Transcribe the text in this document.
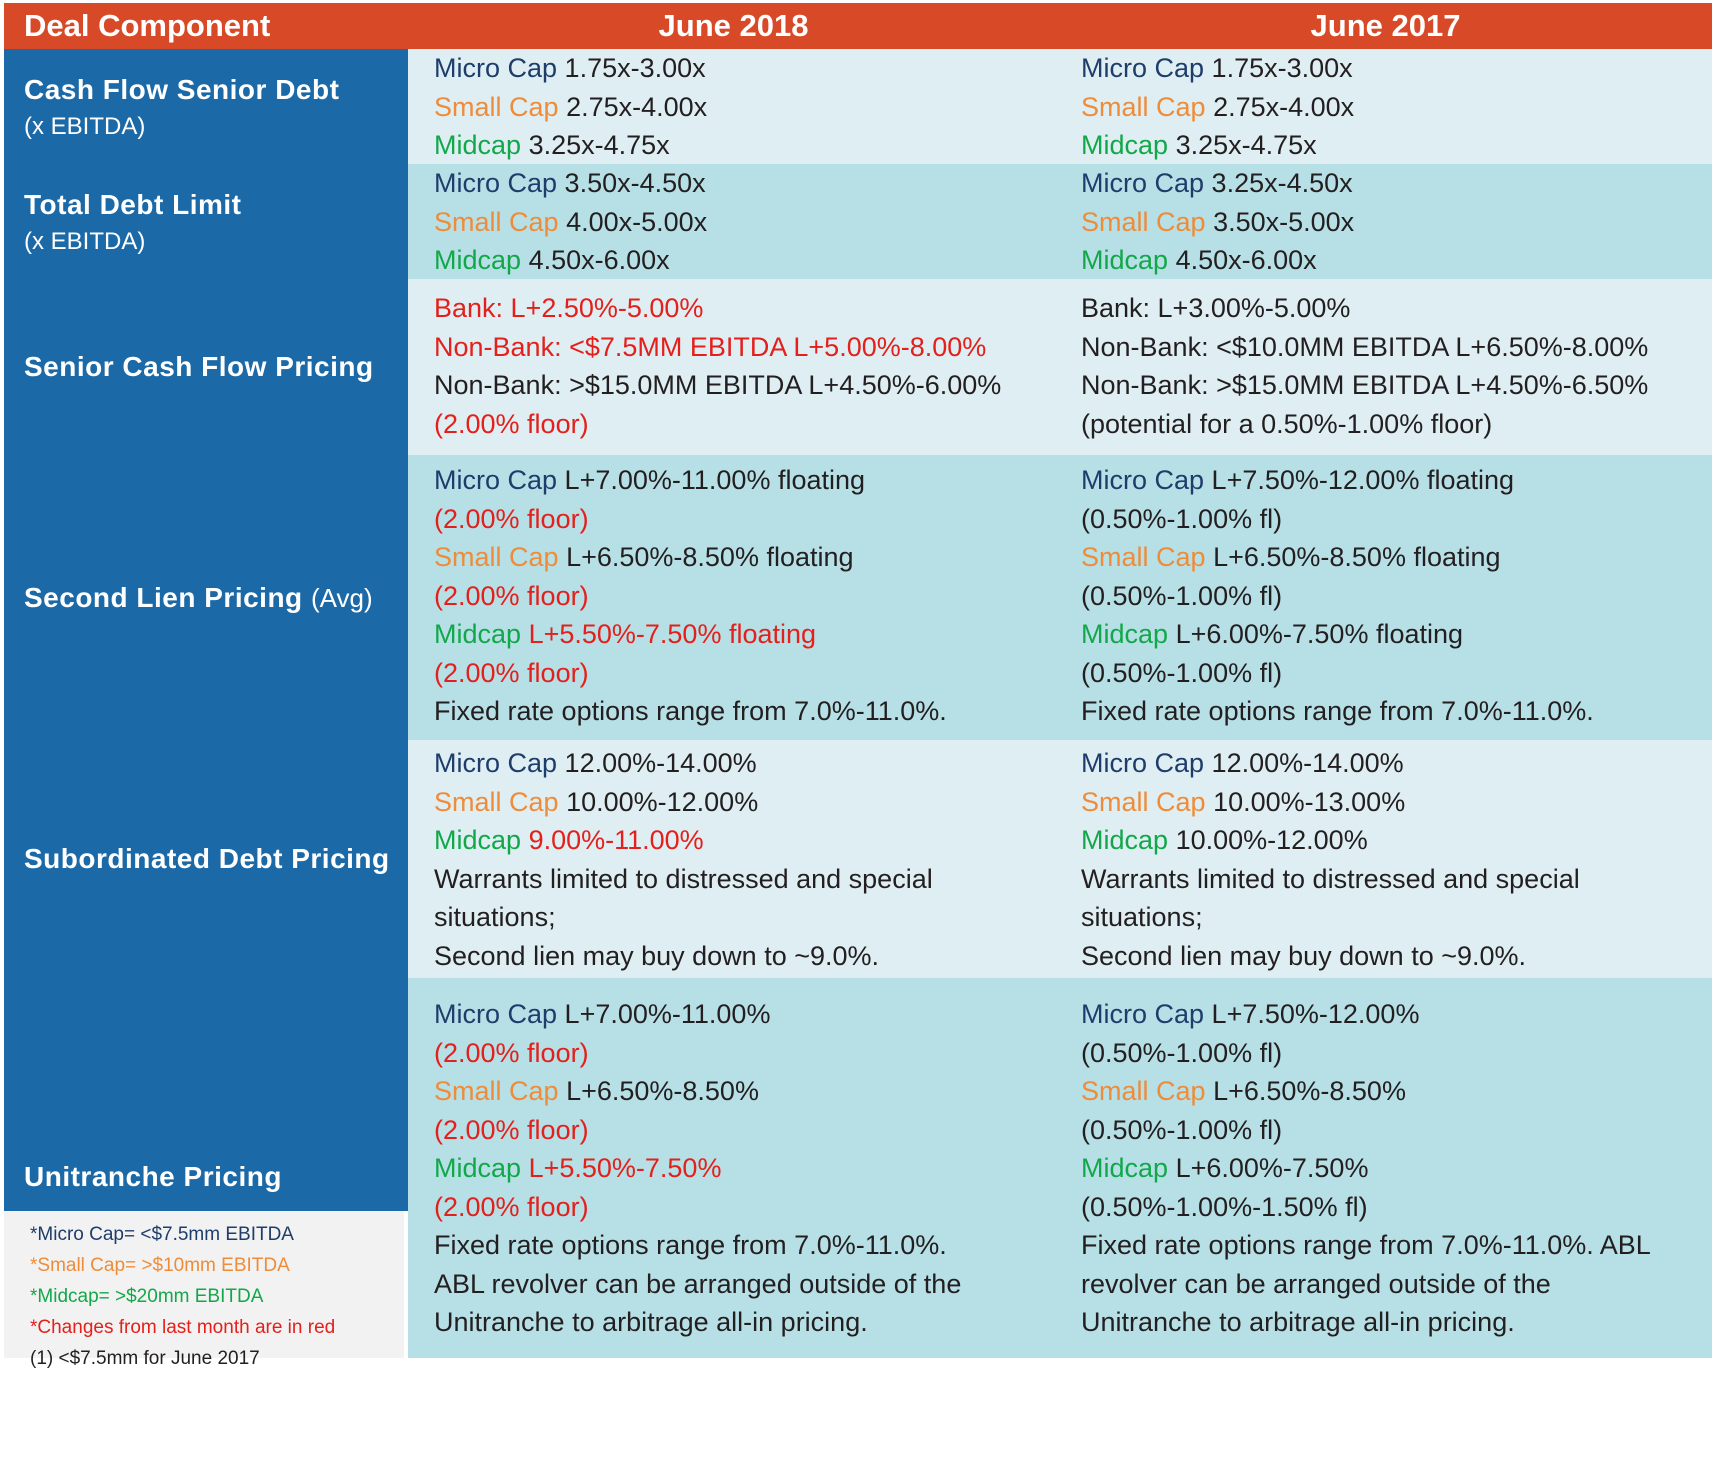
Deal Component	June 2018	June 2017
Cash Flow Senior Debt
(x EBITDA)
Micro Cap 1.75x-3.00x
Small Cap 2.75x-4.00x
Midcap 3.25x-4.75x
Micro Cap 1.75x-3.00x
Small Cap 2.75x-4.00x
Midcap 3.25x-4.75x
Total Debt Limit
(x EBITDA)
Micro Cap 3.50x-4.50x
Small Cap 4.00x-5.00x
Midcap 4.50x-6.00x
Micro Cap 3.25x-4.50x
Small Cap 3.50x-5.00x
Midcap 4.50x-6.00x
Senior Cash Flow Pricing
Bank: L+2.50%-5.00%
Non-Bank: <$7.5MM EBITDA L+5.00%-8.00%
Non-Bank: >$15.0MM EBITDA L+4.50%-6.00%
(2.00% floor)
Bank: L+3.00%-5.00%
Non-Bank: <$10.0MM EBITDA L+6.50%-8.00%
Non-Bank: >$15.0MM EBITDA L+4.50%-6.50%
(potential for a 0.50%-1.00% floor)
Second Lien Pricing (Avg)
Micro Cap L+7.00%-11.00% floating
(2.00% floor)
Small Cap L+6.50%-8.50% floating
(2.00% floor)
Midcap L+5.50%-7.50% floating
(2.00% floor)
Fixed rate options range from 7.0%-11.0%.
Micro Cap L+7.50%-12.00% floating
(0.50%-1.00% fl)
Small Cap L+6.50%-8.50% floating
(0.50%-1.00% fl)
Midcap L+6.00%-7.50% floating
(0.50%-1.00% fl)
Fixed rate options range from 7.0%-11.0%.
Subordinated Debt Pricing
Micro Cap 12.00%-14.00%
Small Cap 10.00%-12.00%
Midcap 9.00%-11.00%
Warrants limited to distressed and special
situations;
Second lien may buy down to ~9.0%.
Micro Cap 12.00%-14.00%
Small Cap 10.00%-13.00%
Midcap 10.00%-12.00%
Warrants limited to distressed and special
situations;
Second lien may buy down to ~9.0%.
Unitranche Pricing
Micro Cap L+7.00%-11.00%
(2.00% floor)
Small Cap L+6.50%-8.50%
(2.00% floor)
Midcap L+5.50%-7.50%
(2.00% floor)
Fixed rate options range from 7.0%-11.0%.
ABL revolver can be arranged outside of the
Unitranche to arbitrage all-in pricing.
Micro Cap L+7.50%-12.00%
(0.50%-1.00% fl)
Small Cap L+6.50%-8.50%
(0.50%-1.00% fl)
Midcap L+6.00%-7.50%
(0.50%-1.00%-1.50% fl)
Fixed rate options range from 7.0%-11.0%. ABL
revolver can be arranged outside of the
Unitranche to arbitrage all-in pricing.
*Micro Cap= <$7.5mm EBITDA
*Small Cap= >$10mm EBITDA
*Midcap= >$20mm EBITDA
*Changes from last month are in red
(1) <$7.5mm for June 2017
